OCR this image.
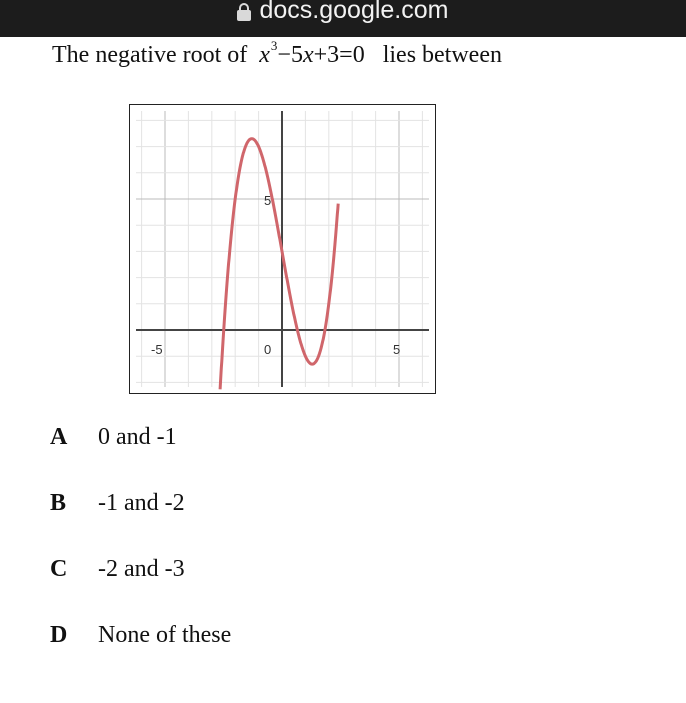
docs.google.com
The negative root of $x^3-5x+3=0$ lies between
-5	0	5
5
A	0 and -1
B	-1 and -2
C	-2 and -3
D	None of these
